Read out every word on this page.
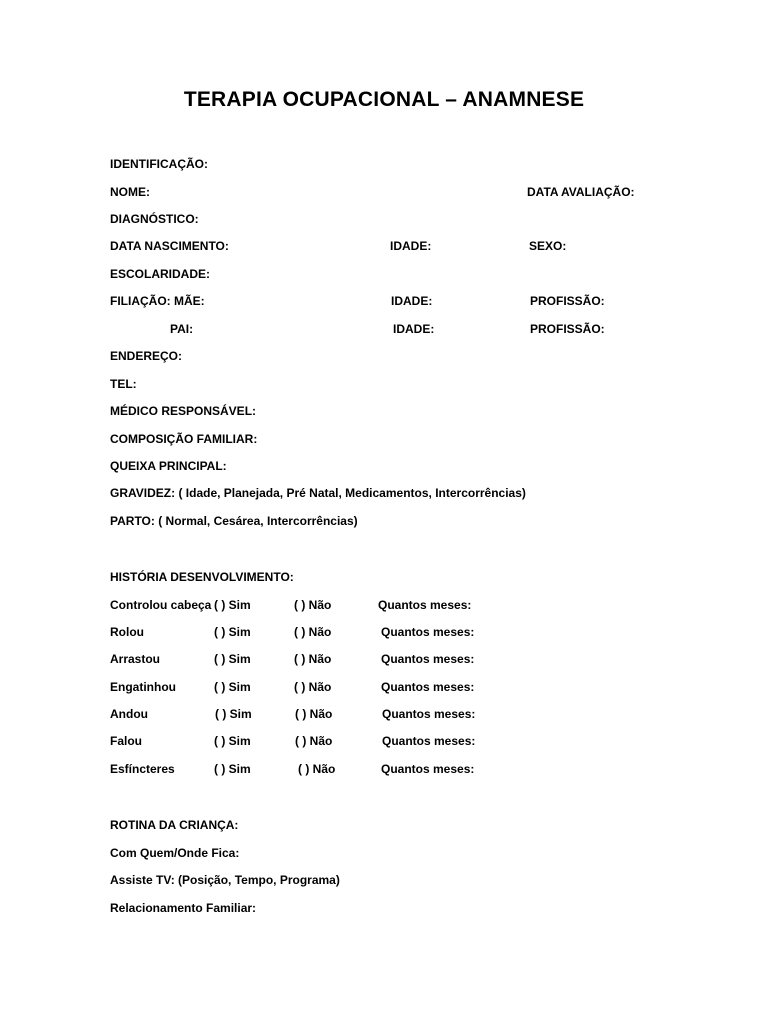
TERAPIA OCUPACIONAL – ANAMNESE
IDENTIFICAÇÃO:
NOME:	DATA AVALIAÇÃO:
DIAGNÓSTICO:
DATA NASCIMENTO:	IDADE:	SEXO:
ESCOLARIDADE:
FILIAÇÃO: MÃE:	IDADE:	PROFISSÃO:
PAI:	IDADE:	PROFISSÃO:
ENDEREÇO:
TEL:
MÉDICO RESPONSÁVEL:
COMPOSIÇÃO FAMILIAR:
QUEIXA PRINCIPAL:
GRAVIDEZ: ( Idade, Planejada, Pré Natal, Medicamentos, Intercorrências)
PARTO: ( Normal, Cesárea, Intercorrências)
HISTÓRIA DESENVOLVIMENTO:
Controlou cabeça ( ) Sim	( ) Não	Quantos meses:
Rolou	( ) Sim	( ) Não	Quantos meses:
Arrastou	( ) Sim	( ) Não	Quantos meses:
Engatinhou	( ) Sim	( ) Não	Quantos meses:
Andou	( ) Sim	( ) Não	Quantos meses:
Falou	( ) Sim	( ) Não	Quantos meses:
Esfíncteres	( ) Sim	( ) Não	Quantos meses:
ROTINA DA CRIANÇA:
Com Quem/Onde Fica:
Assiste TV: (Posição, Tempo, Programa)
Relacionamento Familiar:
